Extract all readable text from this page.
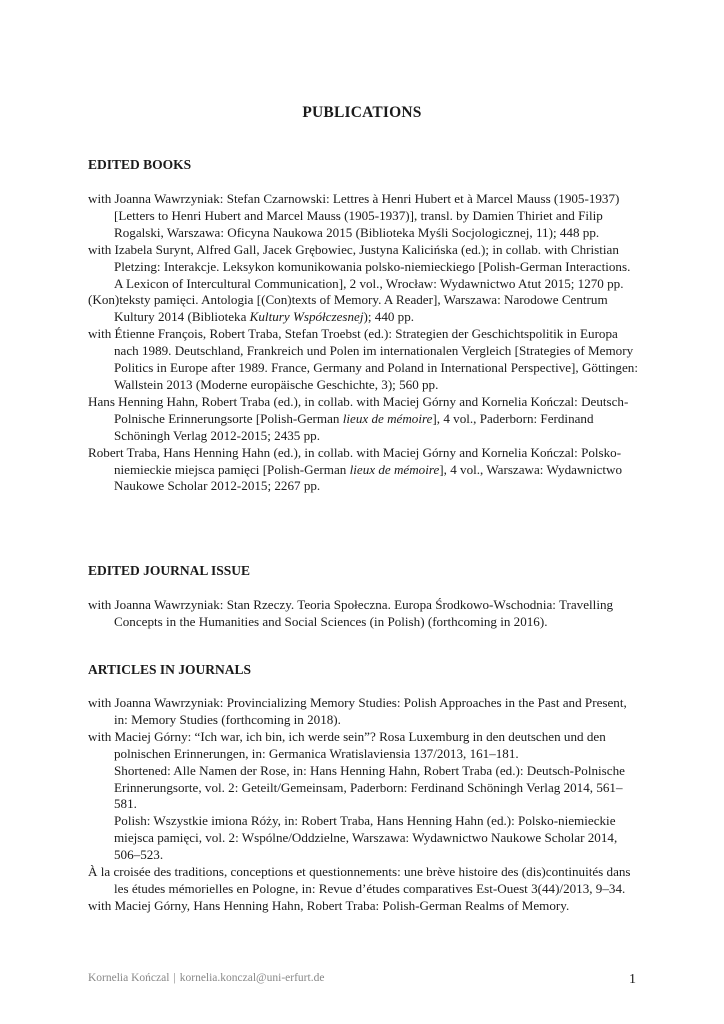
PUBLICATIONS
EDITED BOOKS

with Joanna Wawrzyniak: Stefan Czarnowski: Lettres à Henri Hubert et à Marcel Mauss (1905-1937) [Letters to Henri Hubert and Marcel Mauss (1905-1937)], transl. by Damien Thiriet and Filip Rogalski, Warszawa: Oficyna Naukowa 2015 (Biblioteka Myśli Socjologicznej, 11); 448 pp.

with Izabela Surynt, Alfred Gall, Jacek Grębowiec, Justyna Kalicińska (ed.); in collab. with Christian Pletzing: Interakcje. Leksykon komunikowania polsko-niemieckiego [Polish-German Interactions. A Lexicon of Intercultural Communication], 2 vol., Wrocław: Wydawnictwo Atut 2015; 1270 pp.

(Kon)teksty pamięci. Antologia [(Con)texts of Memory. A Reader], Warszawa: Narodowe Centrum Kultury 2014 (Biblioteka Kultury Współczesnej); 440 pp.

with Étienne François, Robert Traba, Stefan Troebst (ed.): Strategien der Geschichtspolitik in Europa nach 1989. Deutschland, Frankreich und Polen im internationalen Vergleich [Strategies of Memory Politics in Europe after 1989. France, Germany and Poland in International Perspective], Göttingen: Wallstein 2013 (Moderne europäische Geschichte, 3); 560 pp.

Hans Henning Hahn, Robert Traba (ed.), in collab. with Maciej Górny and Kornelia Kończal: Deutsch-Polnische Erinnerungsorte [Polish-German lieux de mémoire], 4 vol., Paderborn: Ferdinand Schöningh Verlag 2012-2015; 2435 pp.

Robert Traba, Hans Henning Hahn (ed.), in collab. with Maciej Górny and Kornelia Kończal: Polsko-niemieckie miejsca pamięci [Polish-German lieux de mémoire], 4 vol., Warszawa: Wydawnictwo Naukowe Scholar 2012-2015; 2267 pp.

EDITED JOURNAL ISSUE

with Joanna Wawrzyniak: Stan Rzeczy. Teoria Społeczna. Europa Środkowo-Wschodnia: Travelling Concepts in the Humanities and Social Sciences (in Polish) (forthcoming in 2016).

ARTICLES IN JOURNALS

with Joanna Wawrzyniak: Provincializing Memory Studies: Polish Approaches in the Past and Present, in: Memory Studies (forthcoming in 2018).

with Maciej Górny: “Ich war, ich bin, ich werde sein”? Rosa Luxemburg in den deutschen und den polnischen Erinnerungen, in: Germanica Wratislaviensia 137/2013, 161–181.

Shortened: Alle Namen der Rose, in: Hans Henning Hahn, Robert Traba (ed.): Deutsch-Polnische Erinnerungsorte, vol. 2: Geteilt/Gemeinsam, Paderborn: Ferdinand Schöningh Verlag 2014, 561–581.

Polish: Wszystkie imiona Róży, in: Robert Traba, Hans Henning Hahn (ed.): Polsko-niemieckie miejsca pamięci, vol. 2: Wspólne/Oddzielne, Warszawa: Wydawnictwo Naukowe Scholar 2014, 506–523.

À la croisée des traditions, conceptions et questionnements: une brève histoire des (dis)continuités dans les études mémorielles en Pologne, in: Revue d’études comparatives Est-Ouest 3(44)/2013, 9–34.

with Maciej Górny, Hans Henning Hahn, Robert Traba: Polish-German Realms of Memory.

Kornelia Kończal | kornelia.konczal@uni-erfurt.de	1
